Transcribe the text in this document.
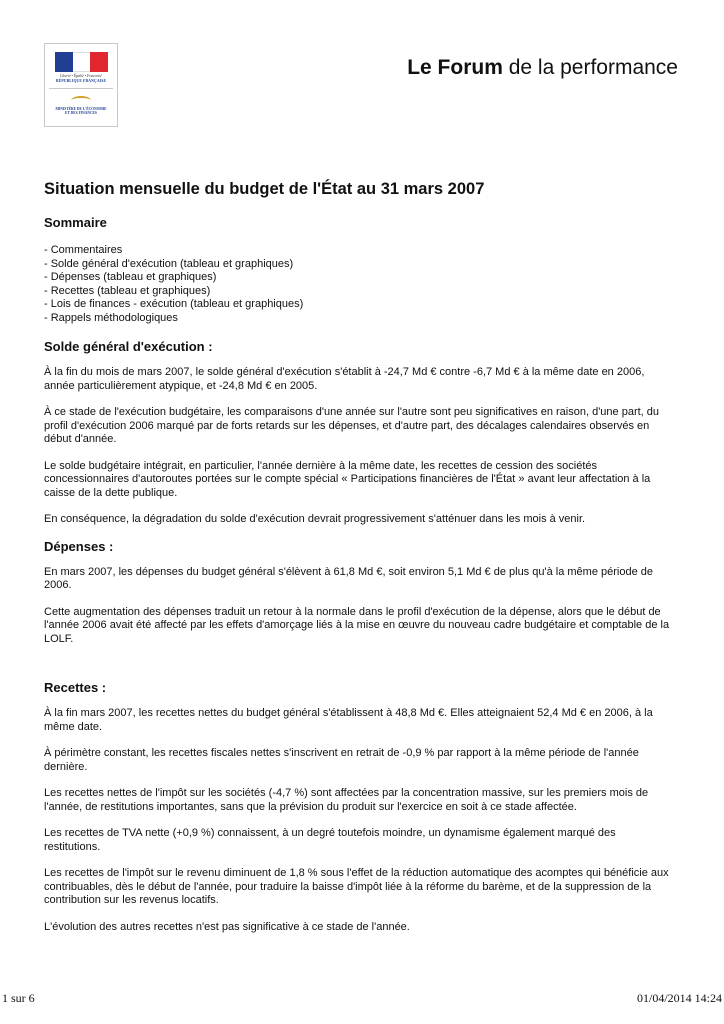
Liberté • Égalité • Fraternité
RÉPUBLIQUE FRANÇAISE
MINISTÈRE DE L'ÉCONOMIE
ET DES FINANCES
Le Forum de la performance
Situation mensuelle du budget de l'État au 31 mars 2007
Sommaire
- Commentaires
- Solde général d'exécution (tableau et graphiques)
- Dépenses (tableau et graphiques)
- Recettes (tableau et graphiques)
- Lois de finances - exécution (tableau et graphiques)
- Rappels méthodologiques
Solde général d'exécution :

À la fin du mois de mars 2007, le solde général d'exécution s'établit à -24,7 Md € contre -6,7 Md € à la même date en 2006, année particulièrement atypique, et -24,8 Md € en 2005.

À ce stade de l'exécution budgétaire, les comparaisons d'une année sur l'autre sont peu significatives en raison, d'une part, du profil d'exécution 2006 marqué par de forts retards sur les dépenses, et d'autre part, des décalages calendaires observés en début d'année.

Le solde budgétaire intégrait, en particulier, l'année dernière à la même date, les recettes de cession des sociétés concessionnaires d'autoroutes portées sur le compte spécial « Participations financières de l'État » avant leur affectation à la caisse de la dette publique.

En conséquence, la dégradation du solde d'exécution devrait progressivement s'atténuer dans les mois à venir.

Dépenses :

En mars 2007, les dépenses du budget général s'élèvent à 61,8 Md €, soit environ 5,1 Md € de plus qu'à la même période de 2006.

Cette augmentation des dépenses traduit un retour à la normale dans le profil d'exécution de la dépense, alors que le début de l'année 2006 avait été affecté par les effets d'amorçage liés à la mise en œuvre du nouveau cadre budgétaire et comptable de la LOLF.

Recettes :

À la fin mars 2007, les recettes nettes du budget général s'établissent à 48,8 Md €. Elles atteignaient 52,4 Md € en 2006, à la même date.

À périmètre constant, les recettes fiscales nettes s'inscrivent en retrait de -0,9 % par rapport à la même période de l'année dernière.

Les recettes nettes de l'impôt sur les sociétés (-4,7 %) sont affectées par la concentration massive, sur les premiers mois de l'année, de restitutions importantes, sans que la prévision du produit sur l'exercice en soit à ce stade affectée.

Les recettes de TVA nette (+0,9 %) connaissent, à un degré toutefois moindre, un dynamisme également marqué des restitutions.

Les recettes de l'impôt sur le revenu diminuent de 1,8 % sous l'effet de la réduction automatique des acomptes qui bénéficie aux contribuables, dès le début de l'année, pour traduire la baisse d'impôt liée à la réforme du barème, et de la suppression de la contribution sur les revenus locatifs.

L'évolution des autres recettes n'est pas significative à ce stade de l'année.

1 sur 6	01/04/2014 14:24
